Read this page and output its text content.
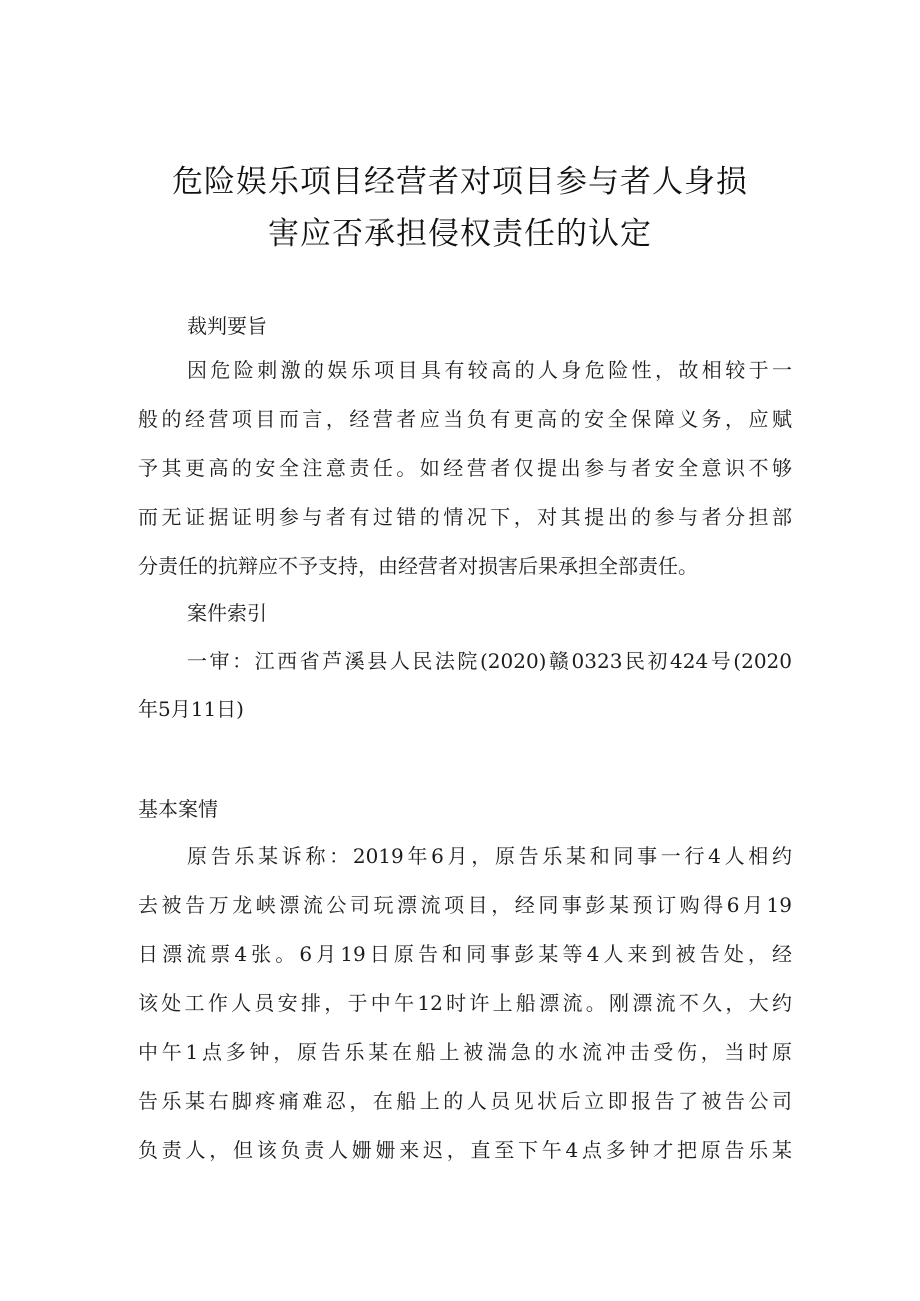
危险娱乐项目经营者对项目参与者人身损
害应否承担侵权责任的认定
裁判要旨
因危险刺激的娱乐项目具有较高的人身危险性，故相较于一
般的经营项目而言，经营者应当负有更高的安全保障义务，应赋
予其更高的安全注意责任。如经营者仅提出参与者安全意识不够
而无证据证明参与者有过错的情况下，对其提出的参与者分担部
分责任的抗辩应不予支持，由经营者对损害后果承担全部责任。
案件索引
一审：江西省芦溪县人民法院(2020)赣0323民初424号(2020
年5月11日)
基本案情
原告乐某诉称：2019年6月，原告乐某和同事一行4人相约
去被告万龙峡漂流公司玩漂流项目，经同事彭某预订购得6月19
日漂流票4张。6月19日原告和同事彭某等4人来到被告处，经
该处工作人员安排，于中午12时许上船漂流。刚漂流不久，大约
中午1点多钟，原告乐某在船上被湍急的水流冲击受伤，当时原
告乐某右脚疼痛难忍，在船上的人员见状后立即报告了被告公司
负责人，但该负责人姗姗来迟，直至下午4点多钟才把原告乐某
